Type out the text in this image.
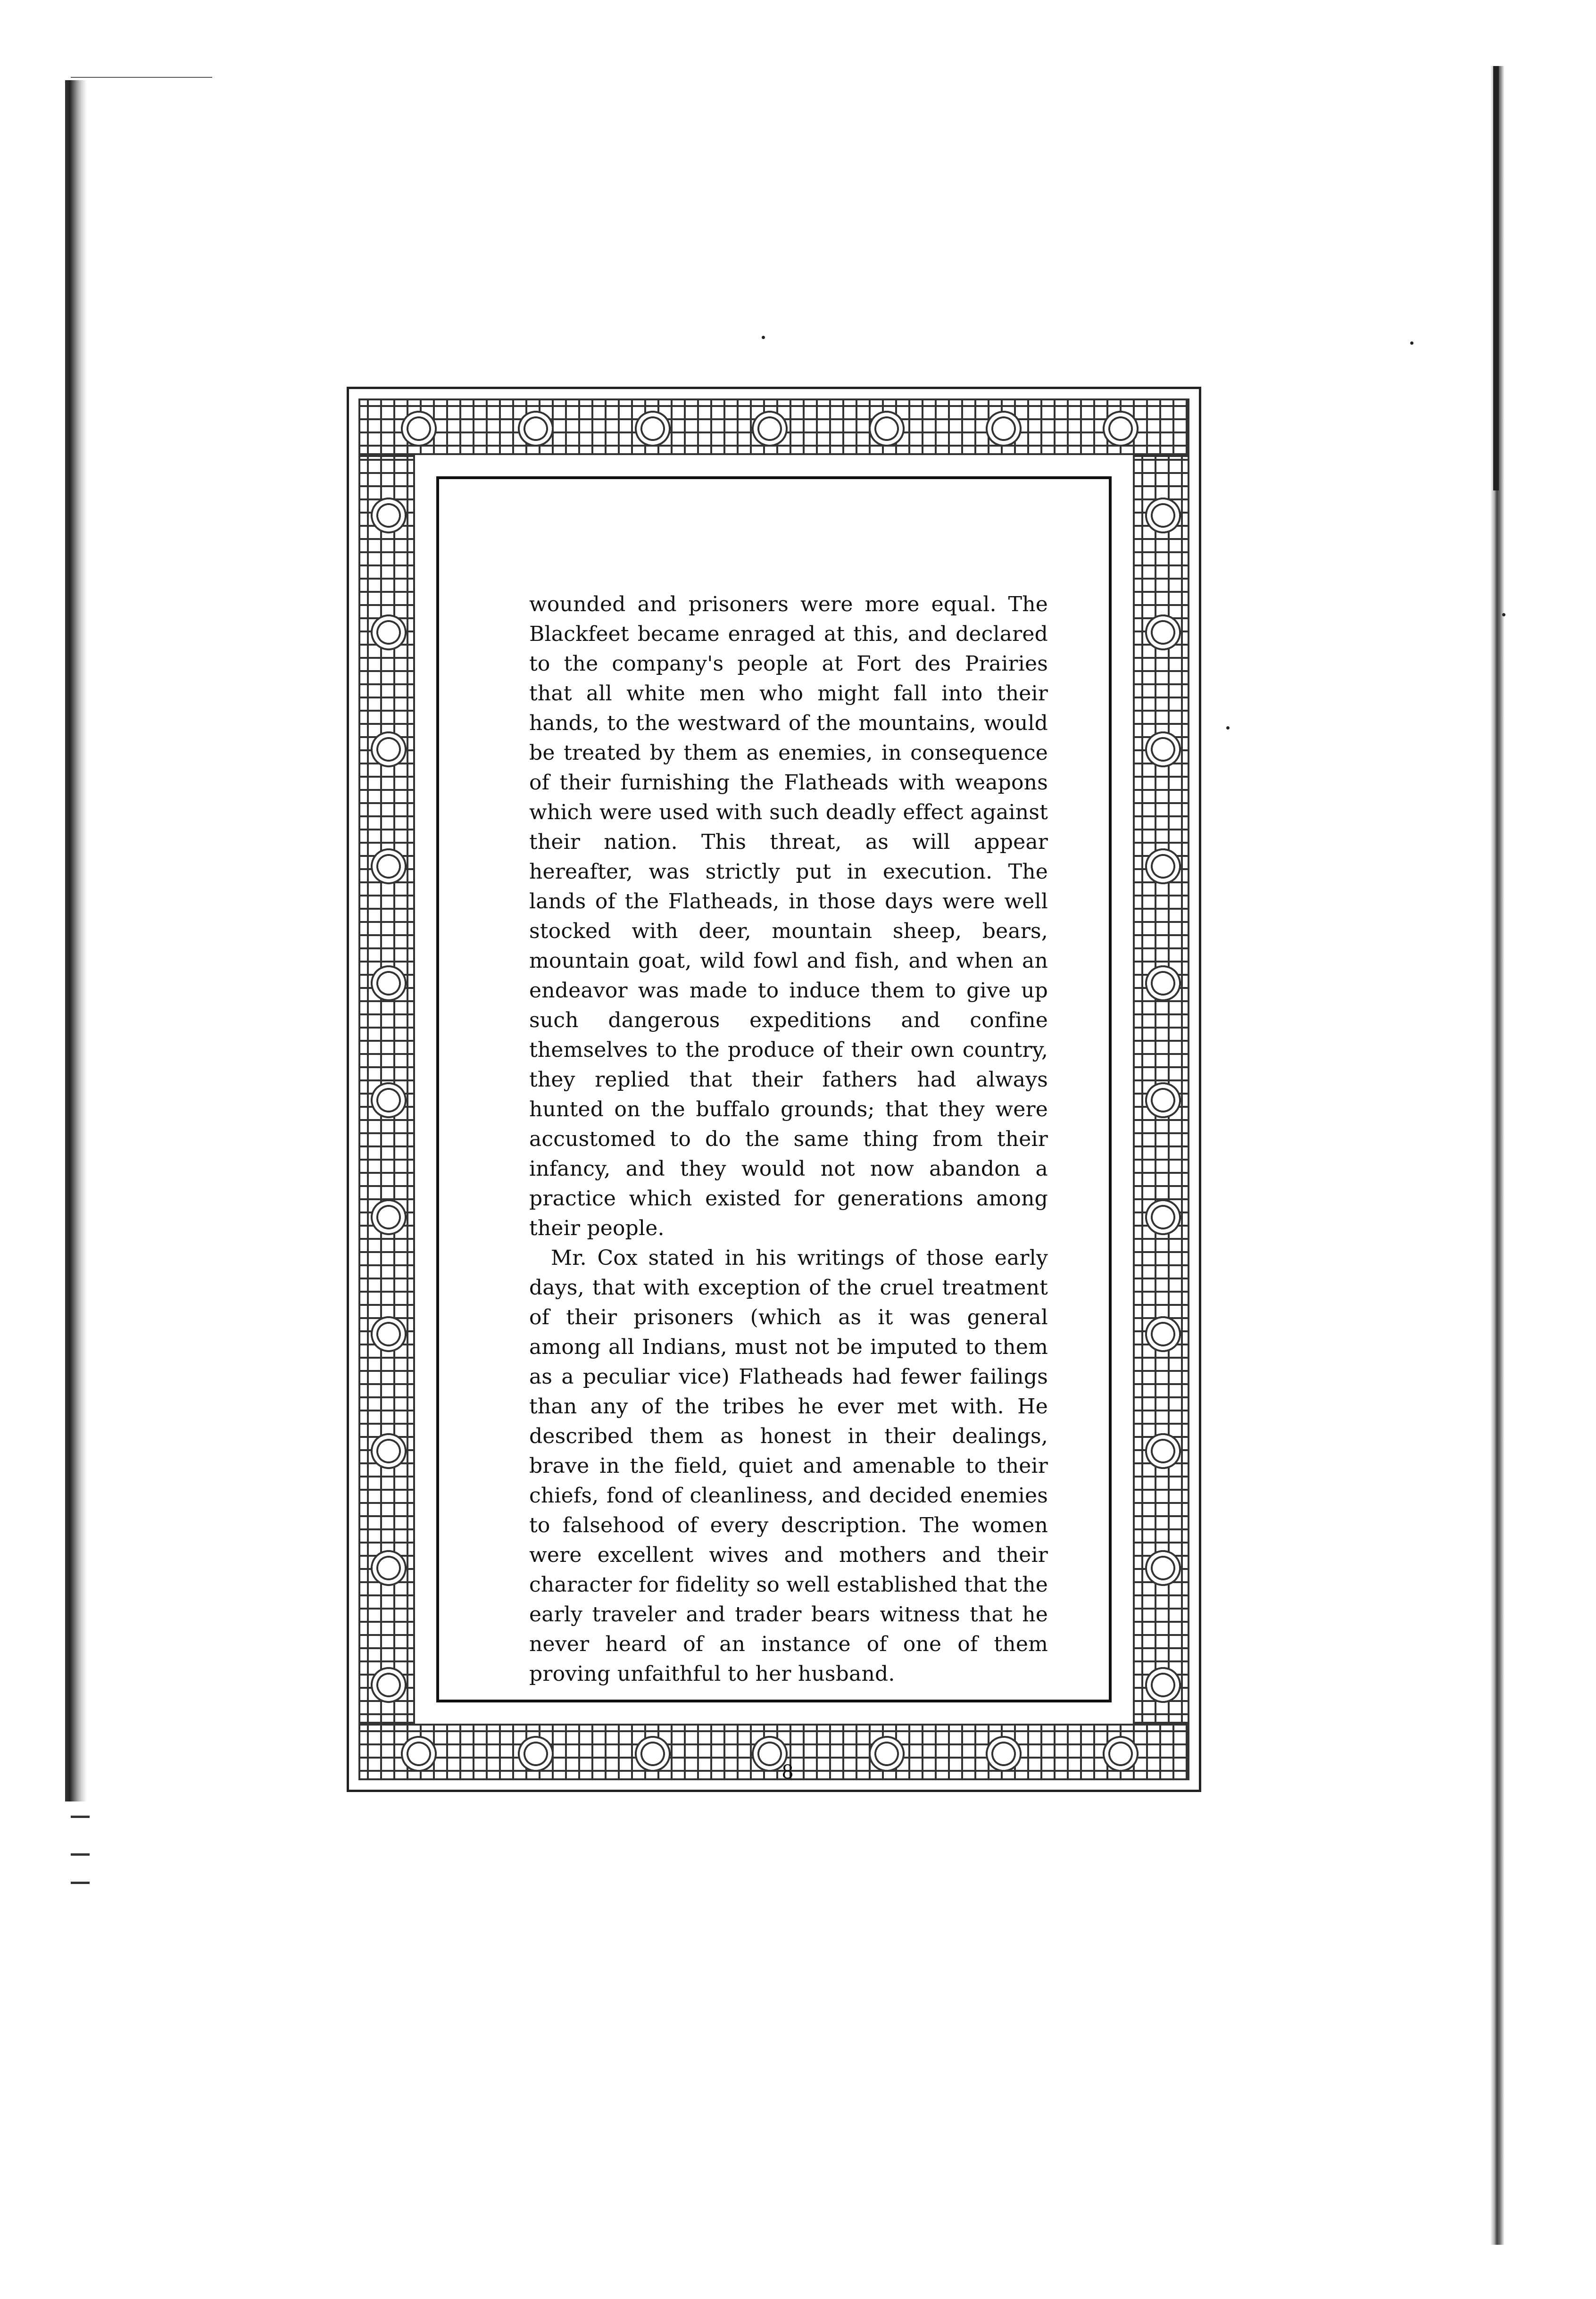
wounded and prisoners were more equal. The Blackfeet became enraged at this, and declared to the company's people at Fort des Prairies that all white men who might fall into their hands, to the westward of the mountains, would be treated by them as enemies, in consequence of their furnishing the Flatheads with weapons which were used with such deadly effect against their nation. This threat, as will appear hereafter, was strictly put in execution. The lands of the Flatheads, in those days were well stocked with deer, mountain sheep, bears, mountain goat, wild fowl and fish, and when an endeavor was made to induce them to give up such dangerous expeditions and confine themselves to the produce of their own country, they replied that their fathers had always hunted on the buffalo grounds; that they were accustomed to do the same thing from their infancy, and they would not now abandon a practice which existed for generations among their people.

Mr. Cox stated in his writings of those early days, that with exception of the cruel treatment of their prisoners (which as it was general among all Indians, must not be imputed to them as a peculiar vice) Flatheads had fewer failings than any of the tribes he ever met with. He described them as honest in their dealings, brave in the field, quiet and amenable to their chiefs, fond of cleanliness, and decided enemies to falsehood of every description. The women were excellent wives and mothers and their character for fidelity so well established that the early traveler and trader bears witness that he never heard of an instance of one of them proving unfaithful to her husband.

8
